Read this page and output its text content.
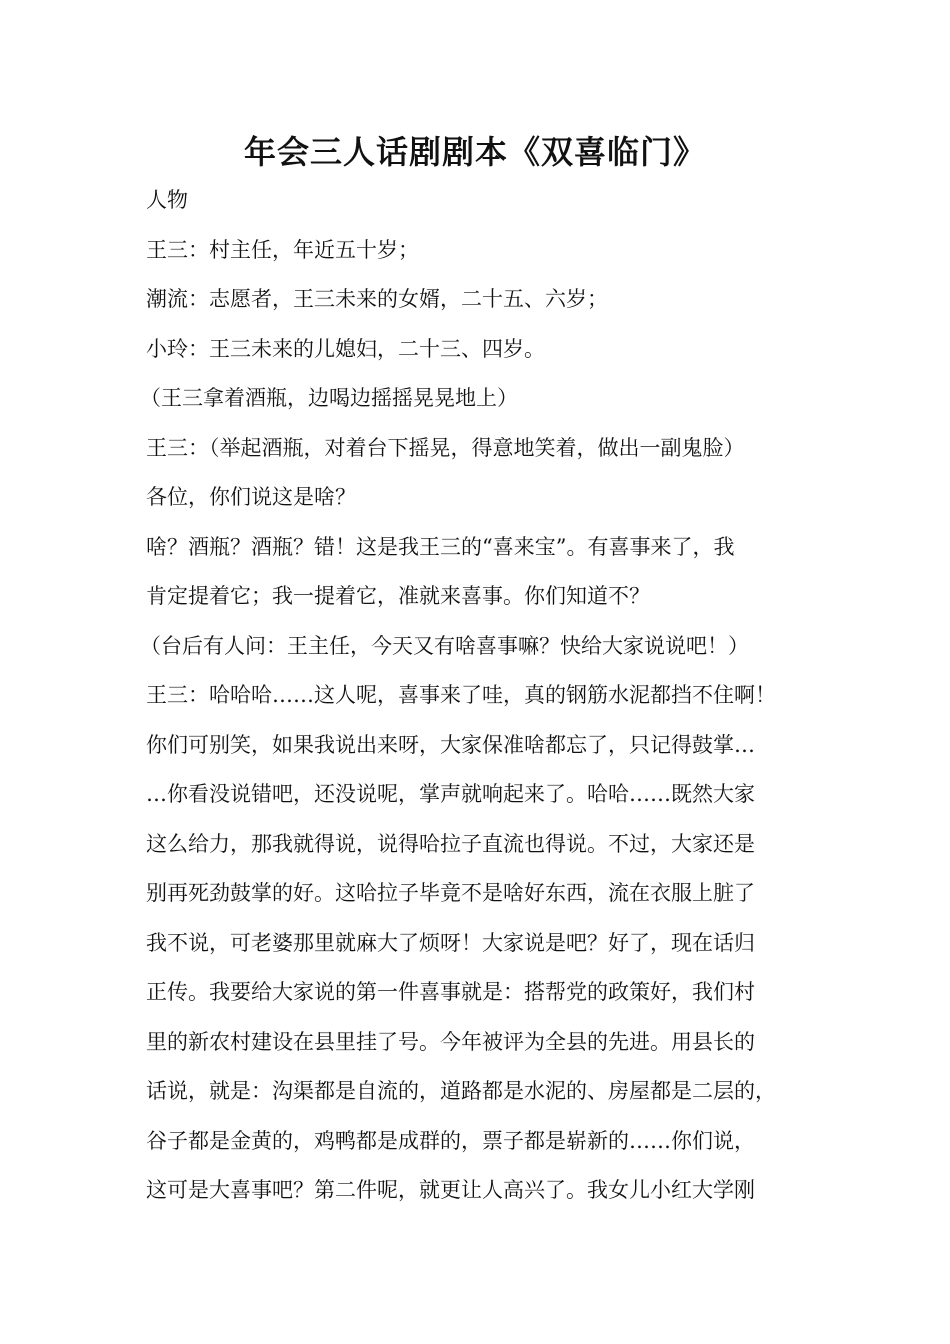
年会三人话剧剧本《双喜临门》
人物
王三：村主任，年近五十岁；
潮流：志愿者，王三未来的女婿，二十五、六岁；
小玲：王三未来的儿媳妇，二十三、四岁。
（王三拿着酒瓶，边喝边摇摇晃晃地上）
王三：（举起酒瓶，对着台下摇晃，得意地笑着，做出一副鬼脸）
各位，你们说这是啥？
啥？酒瓶？酒瓶？错！这是我王三的“喜来宝”。有喜事来了，我
肯定提着它；我一提着它，准就来喜事。你们知道不？
（台后有人问：王主任，今天又有啥喜事嘛？快给大家说说吧！）
王三：哈哈哈……这人呢，喜事来了哇，真的钢筋水泥都挡不住啊！
你们可别笑，如果我说出来呀，大家保准啥都忘了，只记得鼓掌…
…你看没说错吧，还没说呢，掌声就响起来了。哈哈……既然大家
这么给力，那我就得说，说得哈拉子直流也得说。不过，大家还是
别再死劲鼓掌的好。这哈拉子毕竟不是啥好东西，流在衣服上脏了
我不说，可老婆那里就麻大了烦呀！大家说是吧？好了，现在话归
正传。我要给大家说的第一件喜事就是：搭帮党的政策好，我们村
里的新农村建设在县里挂了号。今年被评为全县的先进。用县长的
话说，就是：沟渠都是自流的，道路都是水泥的、房屋都是二层的，
谷子都是金黄的，鸡鸭都是成群的，票子都是崭新的……你们说，
这可是大喜事吧？第二件呢，就更让人高兴了。我女儿小红大学刚
